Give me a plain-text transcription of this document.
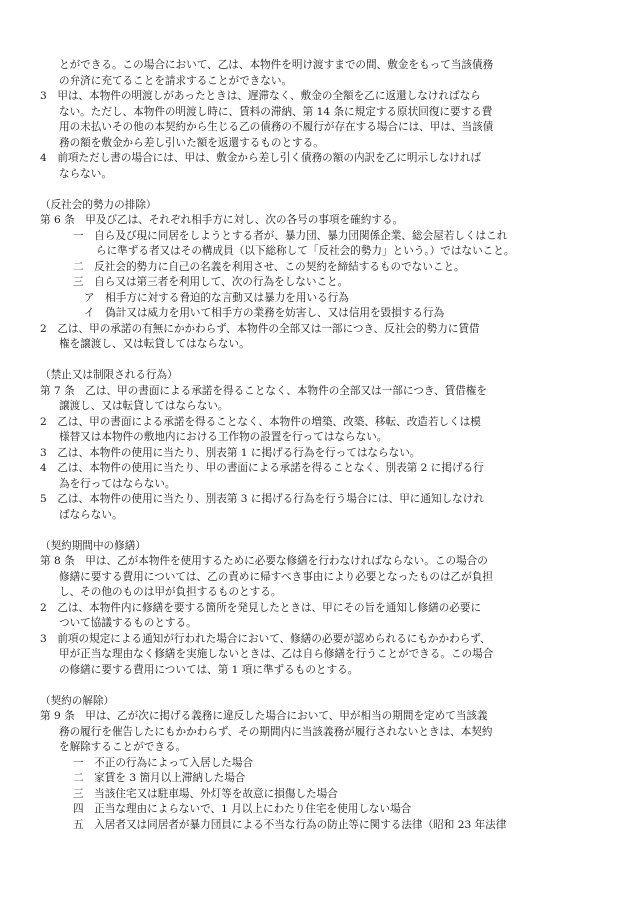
とができる。この場合において、乙は、本物件を明け渡すまでの間、敷金をもって当該債務
の弁済に充てることを請求することができない。
3　甲は、本物件の明渡しがあったときは、遅滞なく、敷金の全額を乙に返還しなければなら
ない。ただし、本物件の明渡し時に、賃料の滞納、第 14 条に規定する原状回復に要する費
用の未払いその他の本契約から生じる乙の債務の不履行が存在する場合には、甲は、当該債
務の額を敷金から差し引いた額を返還するものとする。
4　前項ただし書の場合には、甲は、敷金から差し引く債務の額の内訳を乙に明示しなければ
ならない。
（反社会的勢力の排除）
第 6 条　甲及び乙は、それぞれ相手方に対し、次の各号の事項を確約する。
一　自ら及び現に同居をしようとする者が、暴力団、暴力団関係企業、総会屋若しくはこれ
らに準ずる者又はその構成員（以下総称して「反社会的勢力」という。）ではないこと。
二　反社会的勢力に自己の名義を利用させ、この契約を締結するものでないこと。
三　自ら又は第三者を利用して、次の行為をしないこと。
ア　相手方に対する脅迫的な言動又は暴力を用いる行為
イ　偽計又は威力を用いて相手方の業務を妨害し、又は信用を毀損する行為
2　乙は、甲の承諾の有無にかかわらず、本物件の全部又は一部につき、反社会的勢力に賃借
権を譲渡し、又は転貸してはならない。
（禁止又は制限される行為）
第 7 条　乙は、甲の書面による承諾を得ることなく、本物件の全部又は一部につき、賃借権を
譲渡し、又は転貸してはならない。
2　乙は、甲の書面による承諾を得ることなく、本物件の増築、改築、移転、改造若しくは模
様替又は本物件の敷地内における工作物の設置を行ってはならない。
3　乙は、本物件の使用に当たり、別表第 1 に掲げる行為を行ってはならない。
4　乙は、本物件の使用に当たり、甲の書面による承諾を得ることなく、別表第 2 に掲げる行
為を行ってはならない。
5　乙は、本物件の使用に当たり、別表第 3 に掲げる行為を行う場合には、甲に通知しなけれ
ばならない。
（契約期間中の修繕）
第 8 条　甲は、乙が本物件を使用するために必要な修繕を行わなければならない。この場合の
修繕に要する費用については、乙の責めに帰すべき事由により必要となったものは乙が負担
し、その他のものは甲が負担するものとする。
2　乙は、本物件内に修繕を要する箇所を発見したときは、甲にその旨を通知し修繕の必要に
ついて協議するものとする。
3　前項の規定による通知が行われた場合において、修繕の必要が認められるにもかかわらず、
甲が正当な理由なく修繕を実施しないときは、乙は自ら修繕を行うことができる。この場合
の修繕に要する費用については、第 1 項に準ずるものとする。
（契約の解除）
第 9 条　甲は、乙が次に掲げる義務に違反した場合において、甲が相当の期間を定めて当該義
務の履行を催告したにもかかわらず、その期間内に当該義務が履行されないときは、本契約
を解除することができる。
一　不正の行為によって入居した場合
二　家賃を 3 箇月以上滞納した場合
三　当該住宅又は駐車場、外灯等を故意に損傷した場合
四　正当な理由によらないで、1 月以上にわたり住宅を使用しない場合
五　入居者又は同居者が暴力団員による不当な行為の防止等に関する法律（昭和 23 年法律
